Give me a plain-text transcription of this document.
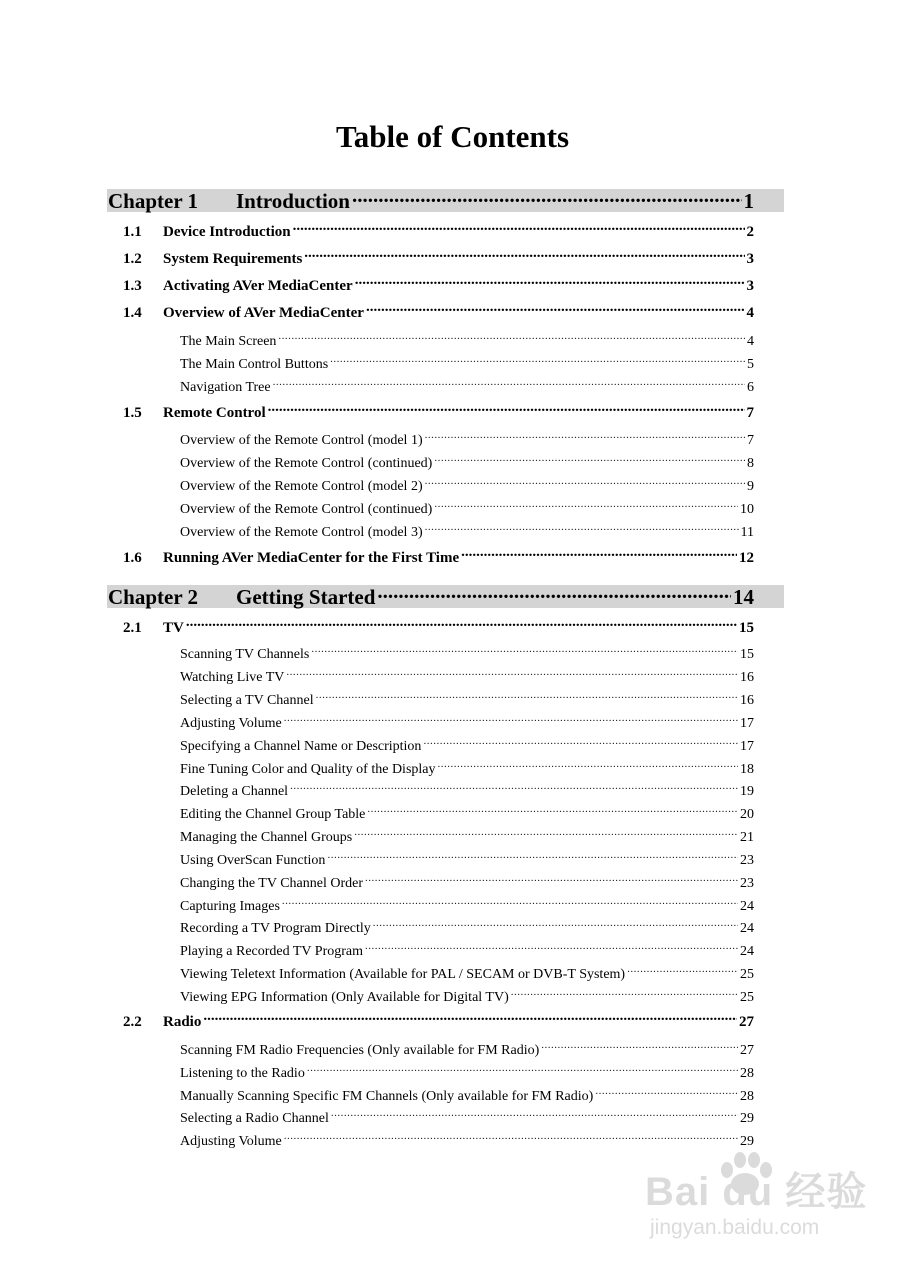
Table of Contents
Chapter 1	Introduction .....	1
1.1	Device Introduction .....	2
1.2	System Requirements .....	3
1.3	Activating AVer MediaCenter .....	3
1.4	Overview of AVer MediaCenter .....	4
The Main Screen .....	4
The Main Control Buttons .....	5
Navigation Tree .....	6
1.5	Remote Control .....	7
Overview of the Remote Control (model 1) .....	7
Overview of the Remote Control (continued) .....	8
Overview of the Remote Control (model 2) .....	9
Overview of the Remote Control (continued) .....	10
Overview of the Remote Control (model 3) .....	11
1.6	Running AVer MediaCenter for the First Time .....	12
Chapter 2	Getting Started .....	14
2.1	TV .....	15
Scanning TV Channels .....	15
Watching Live TV .....	16
Selecting a TV Channel .....	16
Adjusting Volume .....	17
Specifying a Channel Name or Description .....	17
Fine Tuning Color and Quality of the Display .....	18
Deleting a Channel .....	19
Editing the Channel Group Table .....	20
Managing the Channel Groups .....	21
Using OverScan Function .....	23
Changing the TV Channel Order .....	23
Capturing Images .....	24
Recording a TV Program Directly .....	24
Playing a Recorded TV Program .....	24
Viewing Teletext Information (Available for PAL / SECAM or DVB-T System) .....	25
Viewing EPG Information (Only Available for Digital TV) .....	25
2.2	Radio .....	27
Scanning FM Radio Frequencies (Only available for FM Radio) .....	27
Listening to the Radio .....	28
Manually Scanning Specific FM Channels (Only available for FM Radio) .....	28
Selecting a Radio Channel .....	29
Adjusting Volume .....	29
Bai du 经验
jingyan.baidu.com
